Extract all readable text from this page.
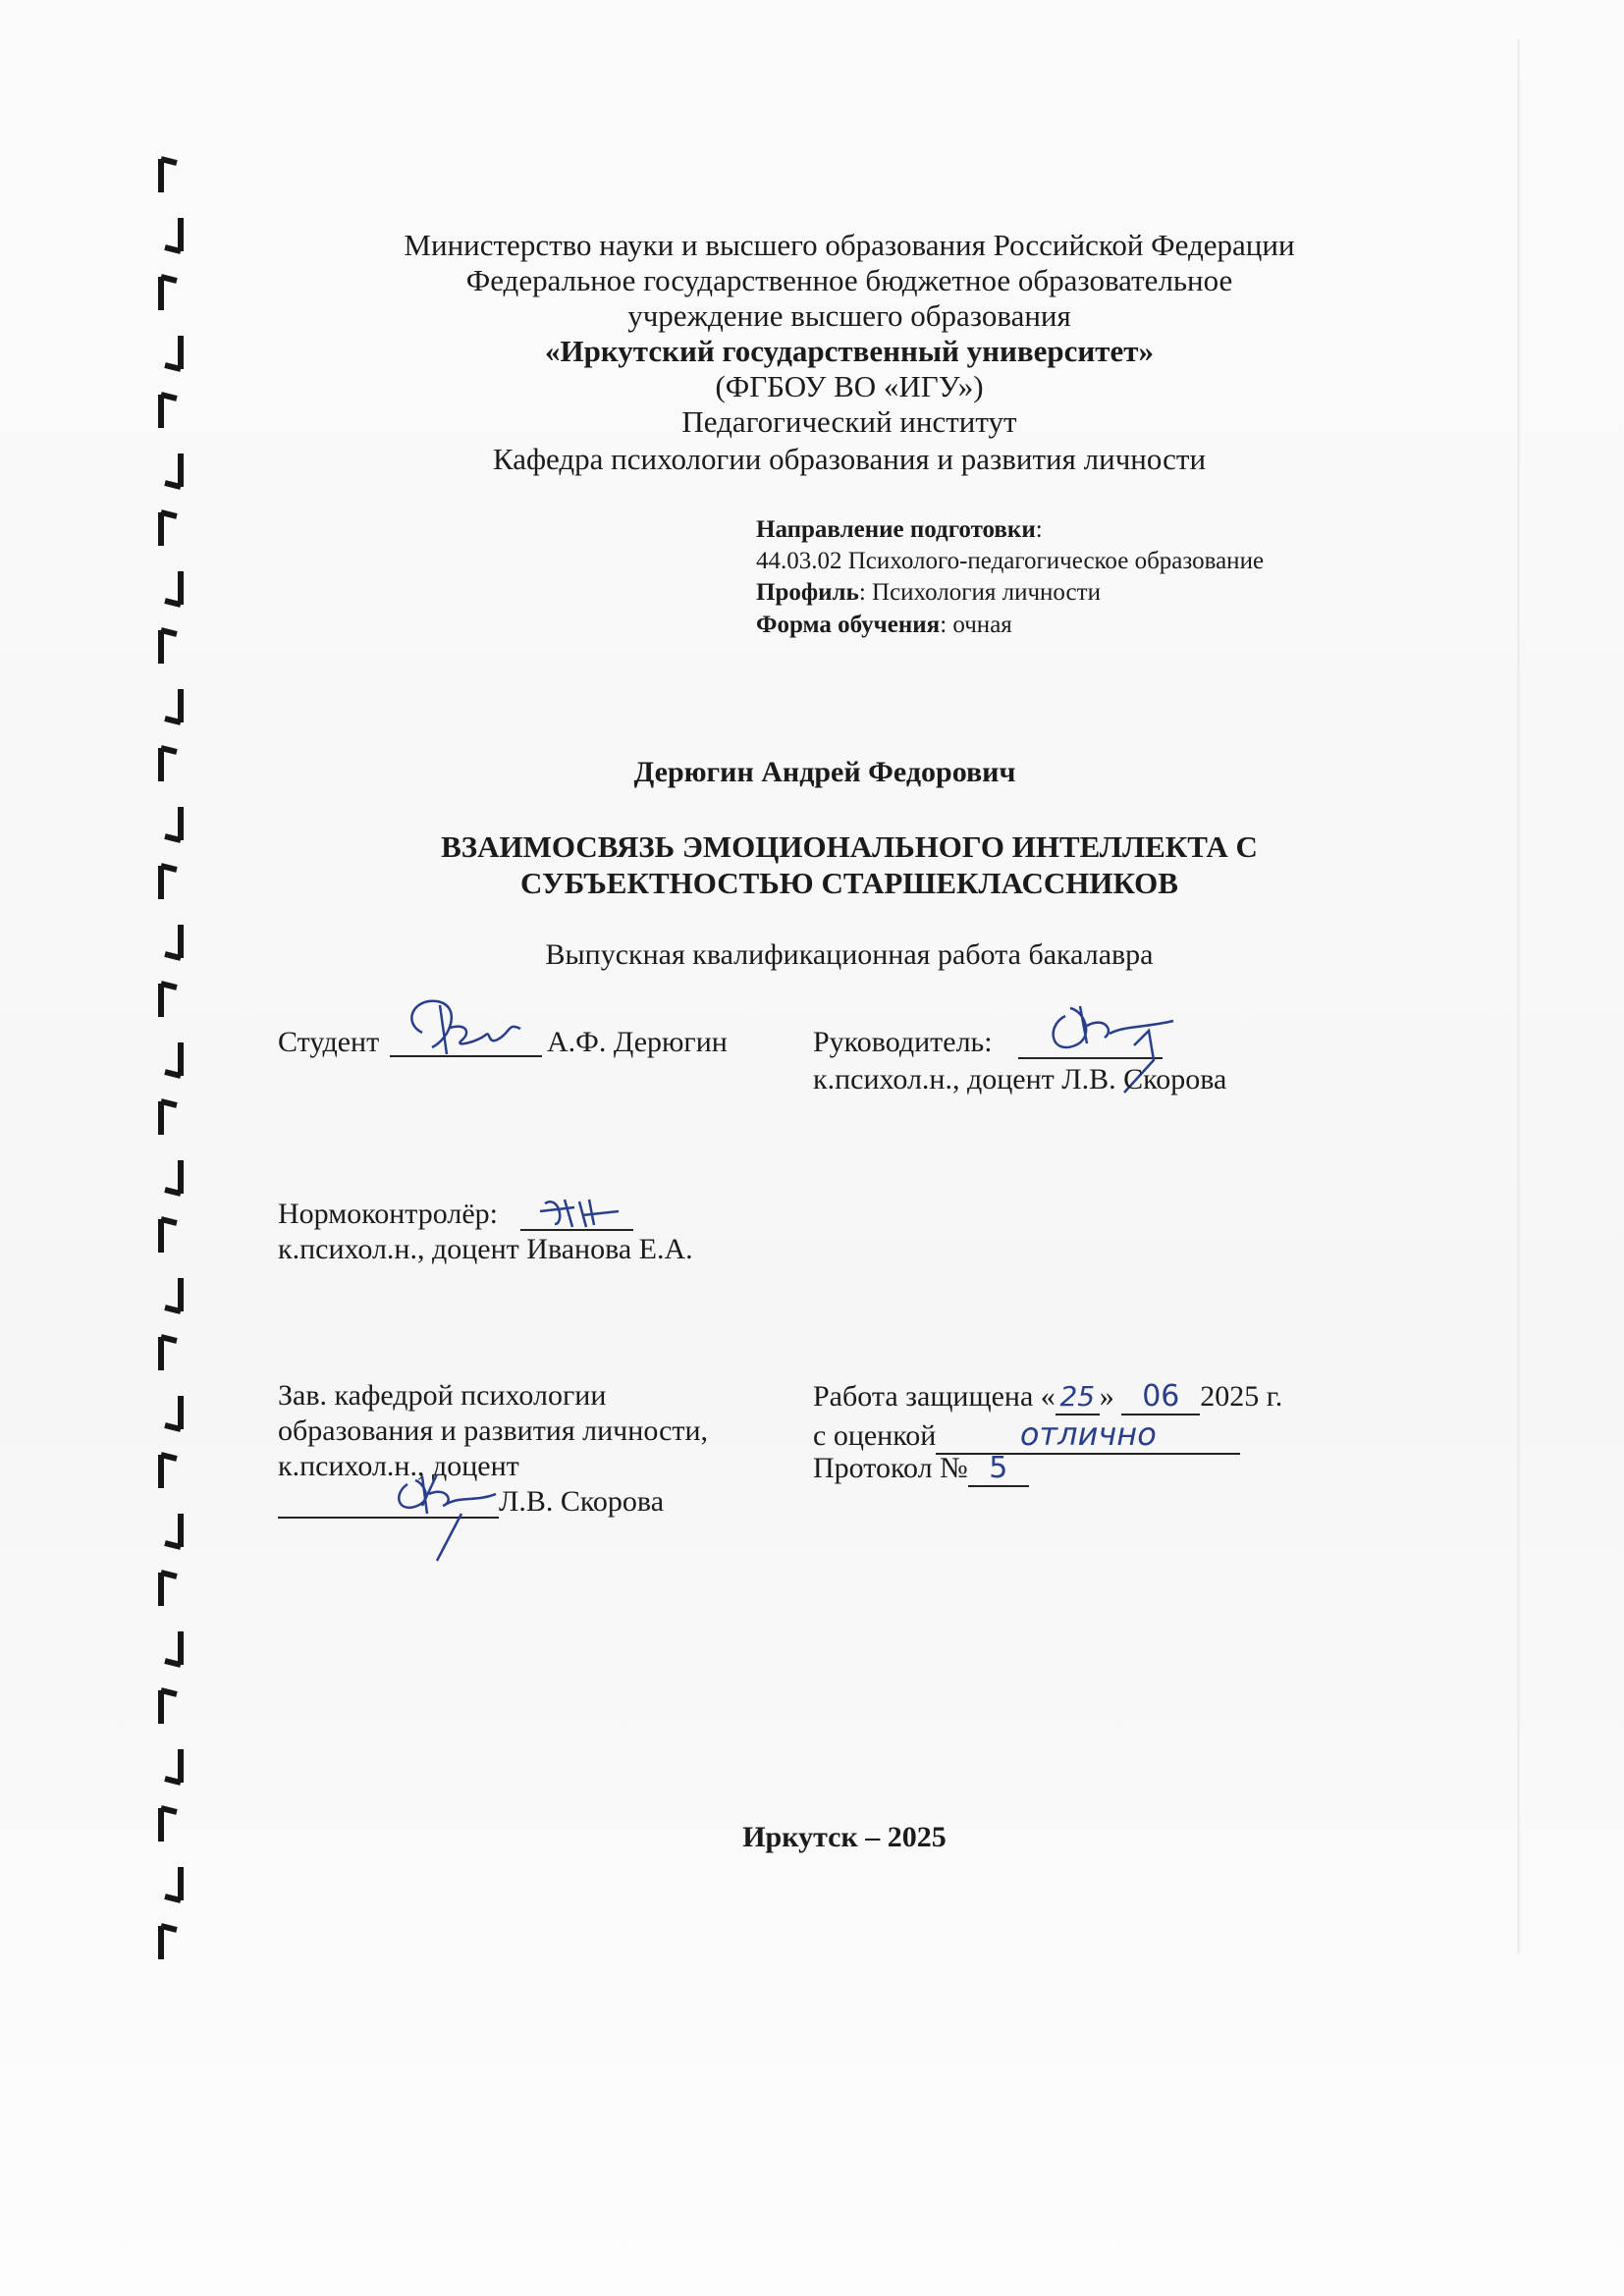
Министерство науки и высшего образования Российской Федерации
Федеральное государственное бюджетное образовательное
учреждение высшего образования
«Иркутский государственный университет»
(ФГБОУ ВО «ИГУ»)
Педагогический институт
Кафедра психологии образования и развития личности
Направление подготовки:
44.03.02 Психолого-педагогическое образование
Профиль: Психология личности
Форма обучения: очная
Дерюгин Андрей Федорович
ВЗАИМОСВЯЗЬ ЭМОЦИОНАЛЬНОГО ИНТЕЛЛЕКТА С
СУБЪЕКТНОСТЬЮ СТАРШЕКЛАССНИКОВ
Выпускная квалификационная работа бакалавра
Студент	А.Ф. Дерюгин	Руководитель:
к.психол.н., доцент Л.В. Скорова
Нормоконтролёр:
к.психол.н., доцент Иванова Е.А.
Зав. кафедрой психологии
образования и развития личности,
к.психол.н., доцент
Л.В. Скорова
Работа защищена « 25 » 06 2025 г.
с оценкой	отлично
Протокол № 5
Иркутск – 2025
